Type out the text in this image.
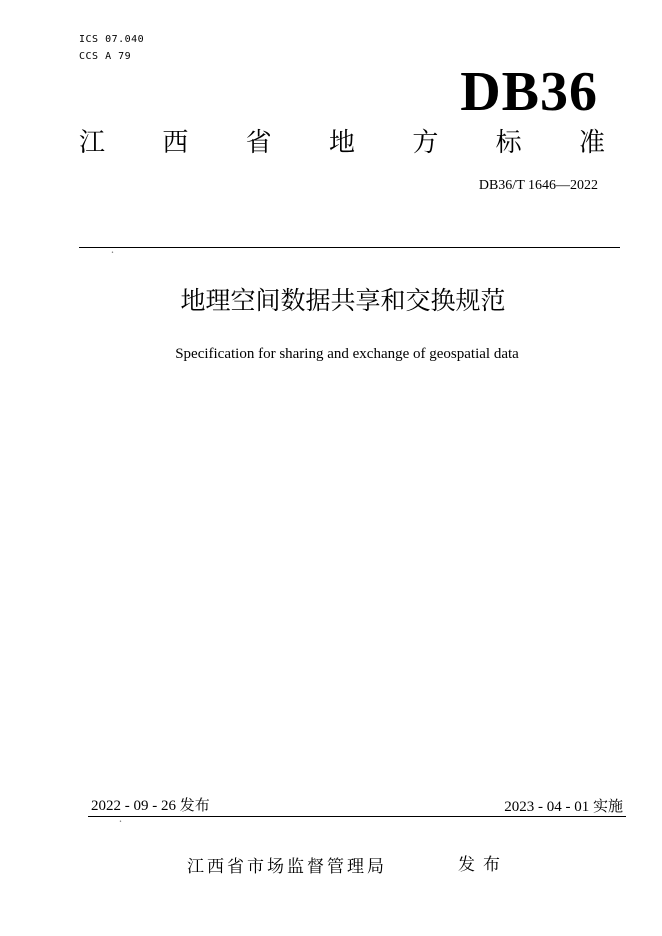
ICS 07.040
CCS A 79
DB36
江 西 省 地 方 标 准
DB36/T 1646—2022
•
地理空间数据共享和交换规范
Specification for sharing and exchange of geospatial data
2022 - 09 - 26 发布	2023 - 04 - 01 实施
•
江西省市场监督管理局	发布
